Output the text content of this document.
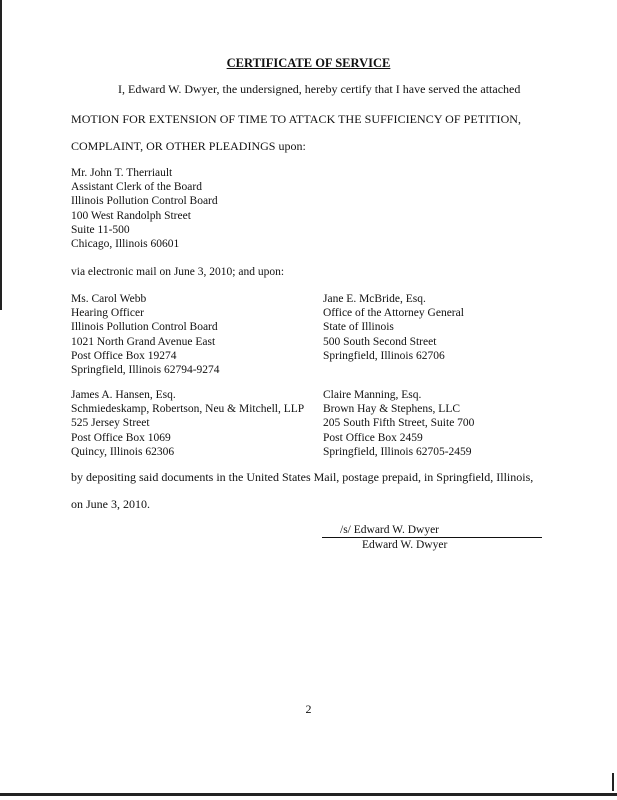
CERTIFICATE OF SERVICE
I, Edward W. Dwyer, the undersigned, hereby certify that I have served the attached
MOTION FOR EXTENSION OF TIME TO ATTACK THE SUFFICIENCY OF PETITION,
COMPLAINT, OR OTHER PLEADINGS upon:
Mr. John T. Therriault
Assistant Clerk of the Board
Illinois Pollution Control Board
100 West Randolph Street
Suite 11-500
Chicago, Illinois 60601
via electronic mail on June 3, 2010; and upon:
Ms. Carol Webb
Hearing Officer
Illinois Pollution Control Board
1021 North Grand Avenue East
Post Office Box 19274
Springfield, Illinois 62794-9274
Jane E. McBride, Esq.
Office of the Attorney General
State of Illinois
500 South Second Street
Springfield, Illinois 62706
James A. Hansen, Esq.
Schmiedeskamp, Robertson, Neu & Mitchell, LLP
525 Jersey Street
Post Office Box 1069
Quincy, Illinois 62306
Claire Manning, Esq.
Brown Hay & Stephens, LLC
205 South Fifth Street, Suite 700
Post Office Box 2459
Springfield, Illinois 62705-2459
by depositing said documents in the United States Mail, postage prepaid, in Springfield, Illinois,
on June 3, 2010.
/s/ Edward W. Dwyer
Edward W. Dwyer
2
